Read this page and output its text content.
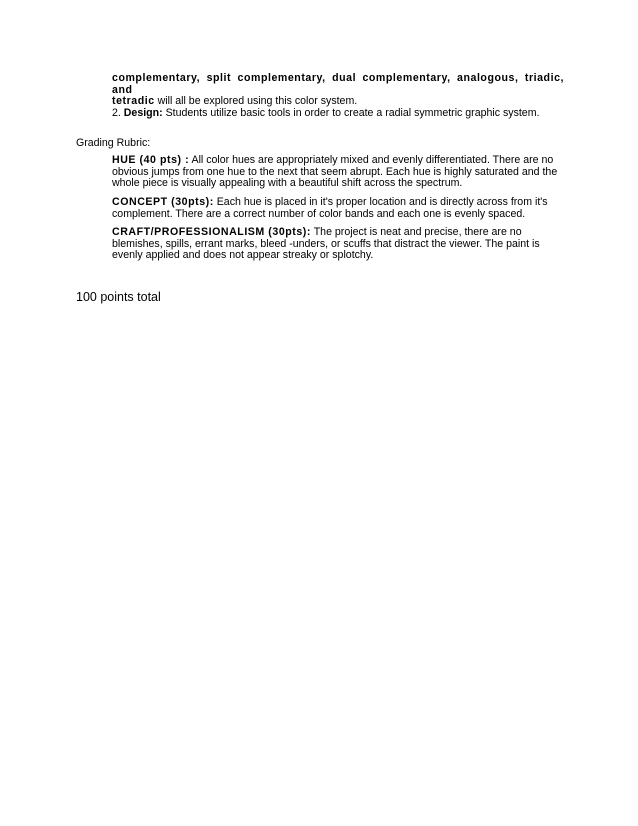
complementary, split complementary, dual complementary, analogous, triadic, and
tetradic will all be explored using this color system.
2. Design: Students utilize basic tools in order to create a radial symmetric graphic system.
Grading Rubric:
HUE (40 pts) : All color hues are appropriately mixed and evenly differentiated. There are no obvious jumps from one hue to the next that seem abrupt. Each hue is highly saturated and the whole piece is visually appealing with a beautiful shift across the spectrum.
CONCEPT (30pts): Each hue is placed in it's proper location and is directly across from it's complement. There are a correct number of color bands and each one is evenly spaced.
CRAFT/PROFESSIONALISM (30pts): The project is neat and precise, there are no blemishes, spills, errant marks, bleed -unders, or scuffs that distract the viewer. The paint is evenly applied and does not appear streaky or splotchy.
100 points total
